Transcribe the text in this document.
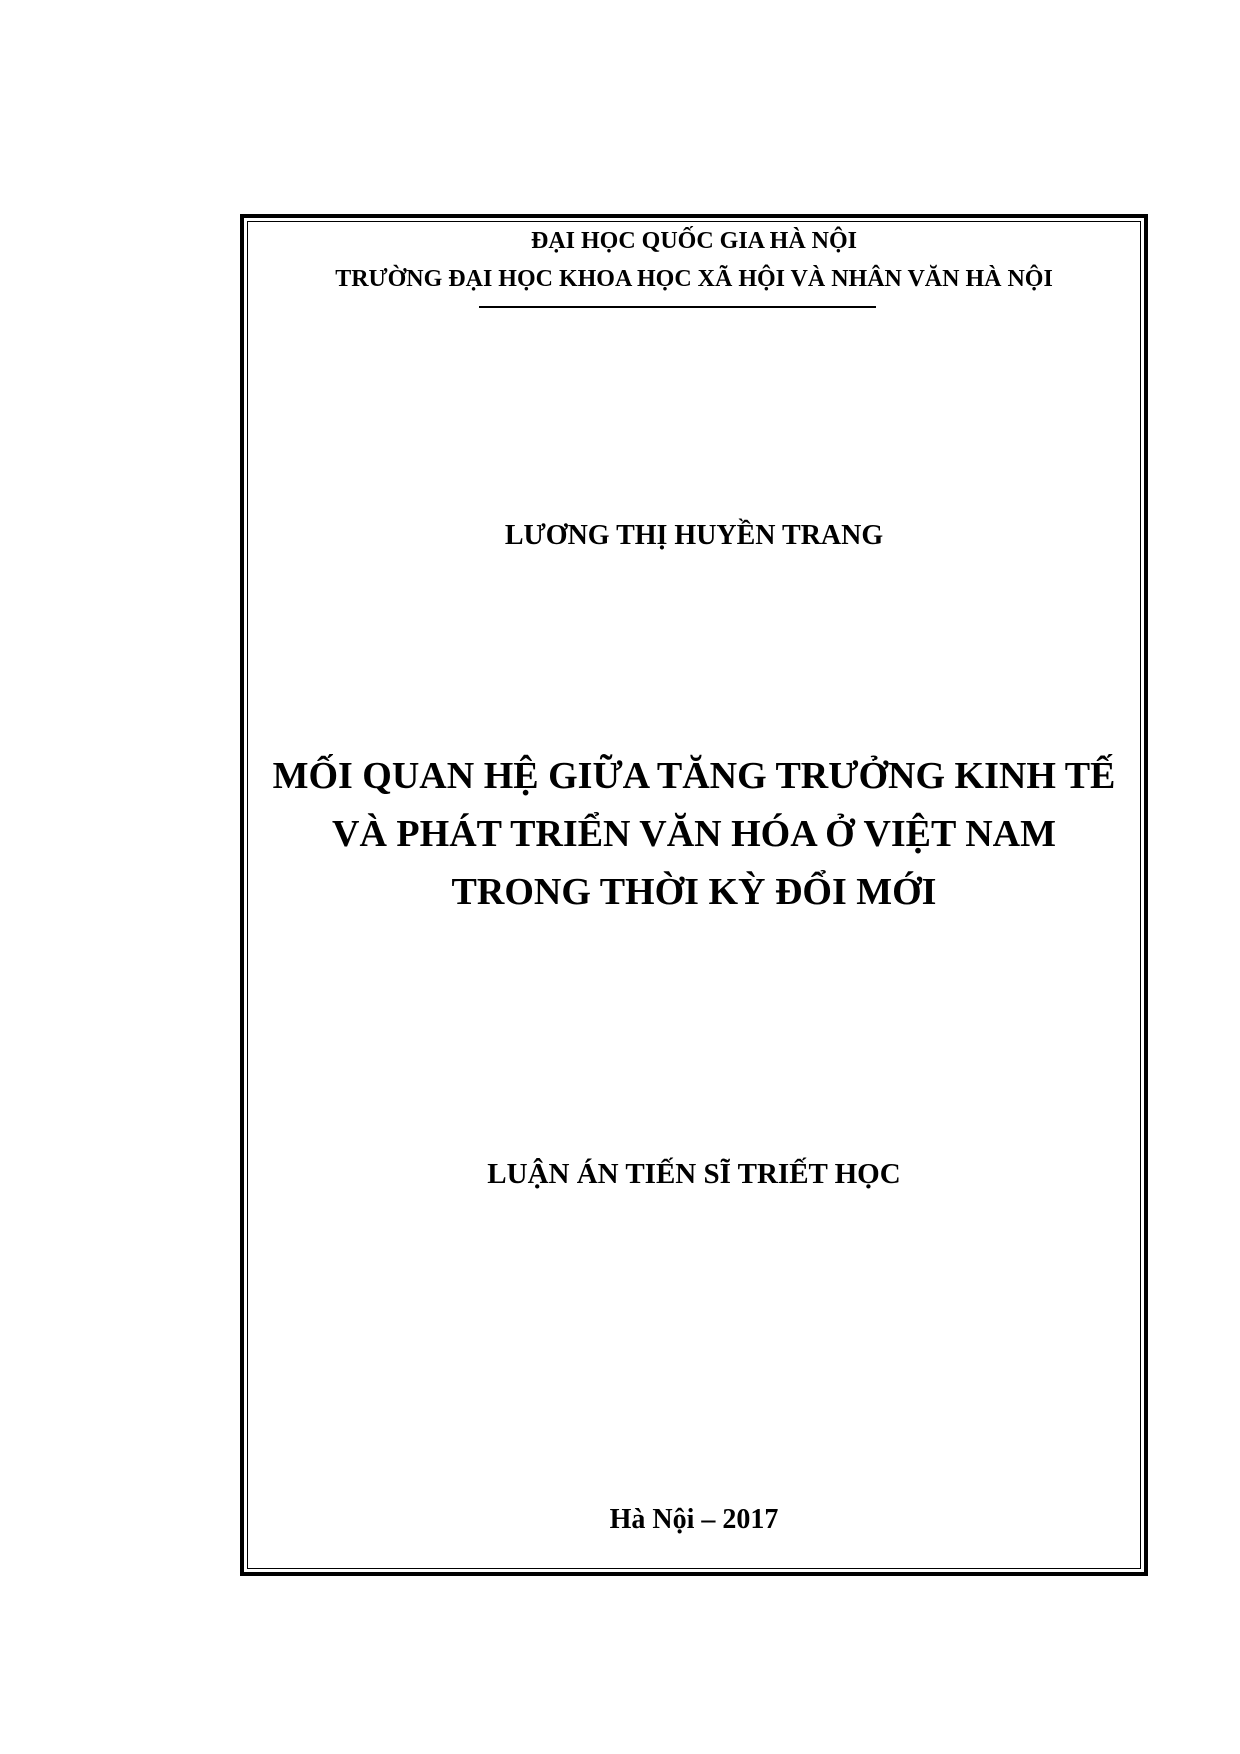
ĐẠI HỌC QUỐC GIA HÀ NỘI
TRƯỜNG ĐẠI HỌC KHOA HỌC XÃ HỘI VÀ NHÂN VĂN HÀ NỘI
LƯƠNG THỊ HUYỀN TRANG
MỐI QUAN HỆ GIỮA TĂNG TRƯỞNG KINH TẾ
VÀ PHÁT TRIỂN VĂN HÓA Ở VIỆT NAM
TRONG THỜI KỲ ĐỔI MỚI
LUẬN ÁN TIẾN SĨ TRIẾT HỌC
Hà Nội – 2017
